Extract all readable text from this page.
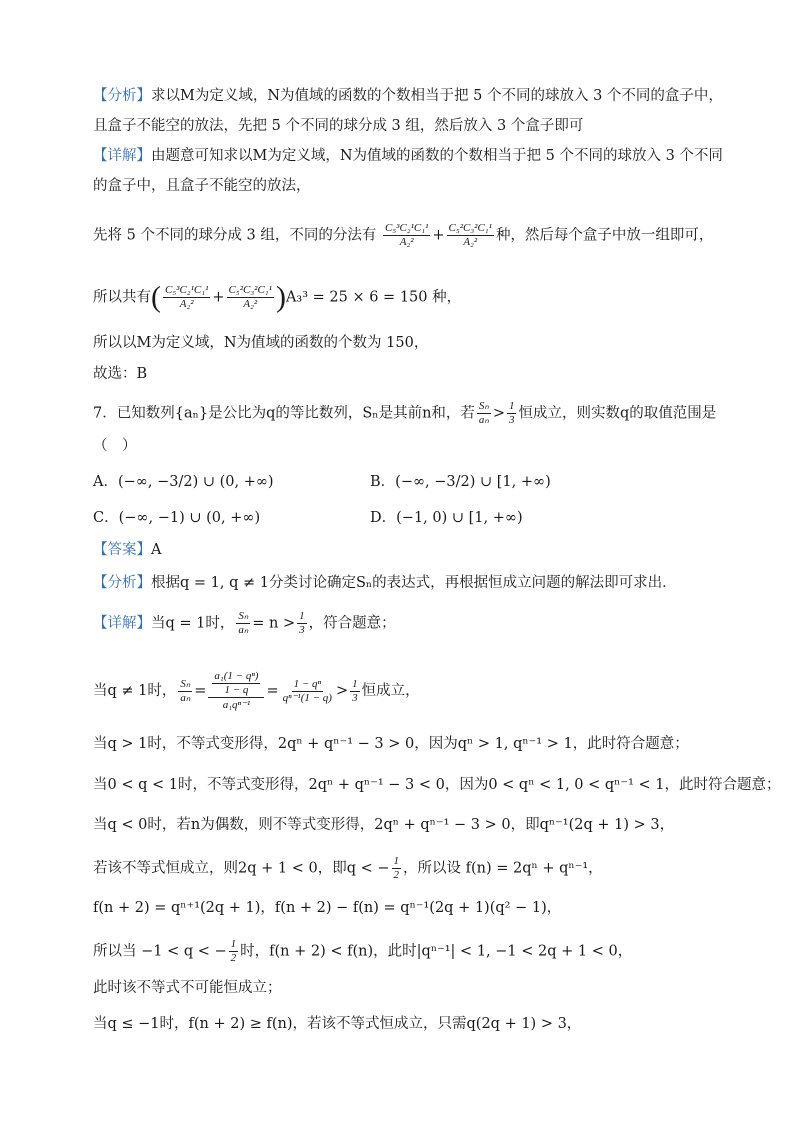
【分析】求以M为定义域，N为值域的函数的个数相当于把 5 个不同的球放入 3 个不同的盒子中，
且盒子不能空的放法，先把 5 个不同的球分成 3 组，然后放入 3 个盒子即可
【详解】由题意可知求以M为定义域，N为值域的函数的个数相当于把 5 个不同的球放入 3 个不同
的盒子中，且盒子不能空的放法，
先将 5 个不同的球分成 3 组，不同的分法有 $\frac{\text{C₅³C₂¹C₁¹}}{\text{A₂²}} + \frac{\text{C₅²C₃²C₁¹}}{\text{A₂²}}$ 种，然后每个盒子中放一组即可，
所以共有( $\frac{\text{C₅³C₂¹C₁¹}}{\text{A₂²}} + \frac{\text{C₅²C₃²C₁¹}}{\text{A₂²}} )A_3^3 = 25 \times 6 = 150$ 种，
所以以M为定义域，N为值域的函数的个数为 150，
故选：B
7．已知数列{aₙ}是公比为q的等比数列，Sₙ是其前n和，若 $\frac{\text{Sₙ}}{\text{aₙ}} > \frac{1}{3}$ 恒成立，则实数q的取值范围是
（　）
A．(−∞, −3/2) ∪ (0, +∞)	B．(−∞, −3/2) ∪ [1, +∞)
C．(−∞, −1) ∪ (0, +∞)	D．(−1, 0) ∪ [1, +∞)
【答案】A
【分析】根据q = 1, q ≠ 1分类讨论确定Sₙ的表达式，再根据恒成立问题的解法即可求出．
【详解】当q = 1时， $\frac{\text{Sₙ}}{\text{aₙ}} = n > \frac{1}{3}$ ，符合题意；
当q ≠ 1时， $\frac{\text{Sₙ}}{\text{aₙ}} = \frac{\frac{\text{a₁(1 − qⁿ)}}{1 - q}}{\text{a₁qⁿ⁻¹}} = \frac{\text{1 − qⁿ}}{\text{qⁿ⁻¹(1 − q)}} > \frac{1}{3}$ 恒成立，
当q > 1时，不等式变形得，2qⁿ + qⁿ⁻¹ − 3 > 0，因为qⁿ > 1, qⁿ⁻¹ > 1，此时符合题意；
当0 < q < 1时，不等式变形得，2qⁿ + qⁿ⁻¹ − 3 < 0，因为0 < qⁿ < 1, 0 < qⁿ⁻¹ < 1，此时符合题意；
当q < 0时，若n为偶数，则不等式变形得，2qⁿ + qⁿ⁻¹ − 3 > 0，即qⁿ⁻¹(2q + 1) > 3，
若该不等式恒成立，则2q + 1 < 0，即q < − $\frac{1}{2}$ ，所以设 f(n) = 2qⁿ + qⁿ⁻¹，
f(n + 2) = qⁿ⁺¹(2q + 1)，f(n + 2) − f(n) = qⁿ⁻¹(2q + 1)(q² − 1)，
所以当 −1 < q < − $\frac{1}{2}$ 时，f(n + 2) < f(n)，此时|qⁿ⁻¹| < 1, −1 < 2q + 1 < 0，
此时该不等式不可能恒成立；
当q ≤ −1时，f(n + 2) ≥ f(n)，若该不等式恒成立，只需q(2q + 1) > 3，
